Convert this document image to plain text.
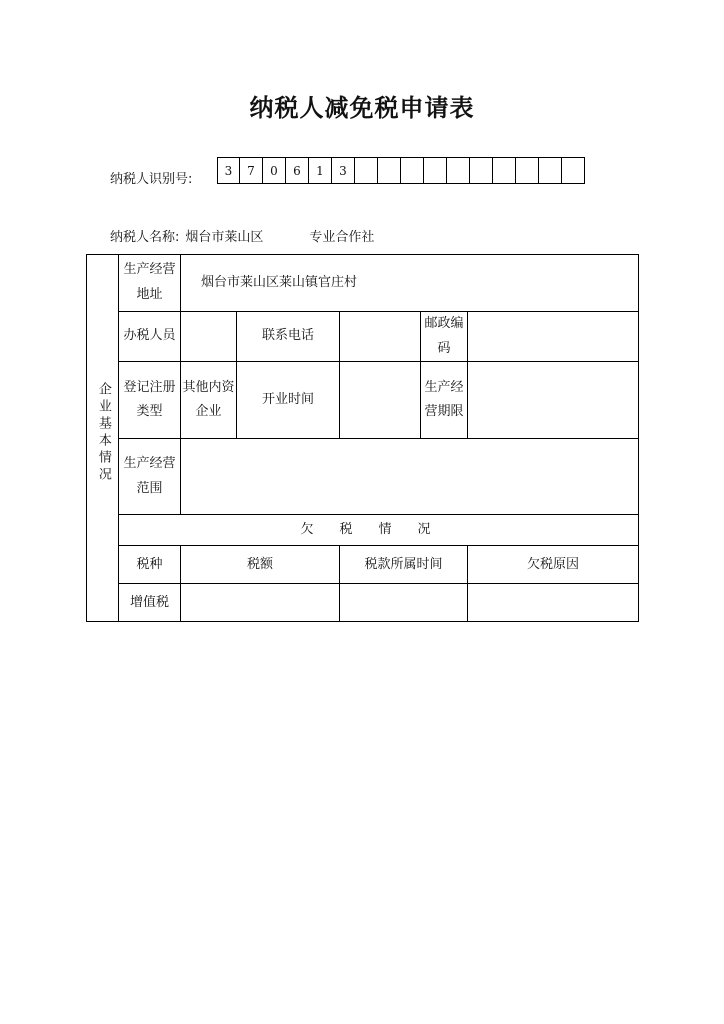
纳税人减免税申请表
纳税人识别号:
3	7	0	6	1	3
纳税人名称: 烟台市莱山区	专业合作社
企业基本情况	生产经营地址	烟台市莱山区莱山镇官庄村				
	办税人员		联系电话		邮政编码	
	登记注册类型	其他内资企业	开业时间		生产经营期限	
	生产经营范围					
	欠税情况					
	税种	税额		税款所属时间		欠税原因
	增值税					
